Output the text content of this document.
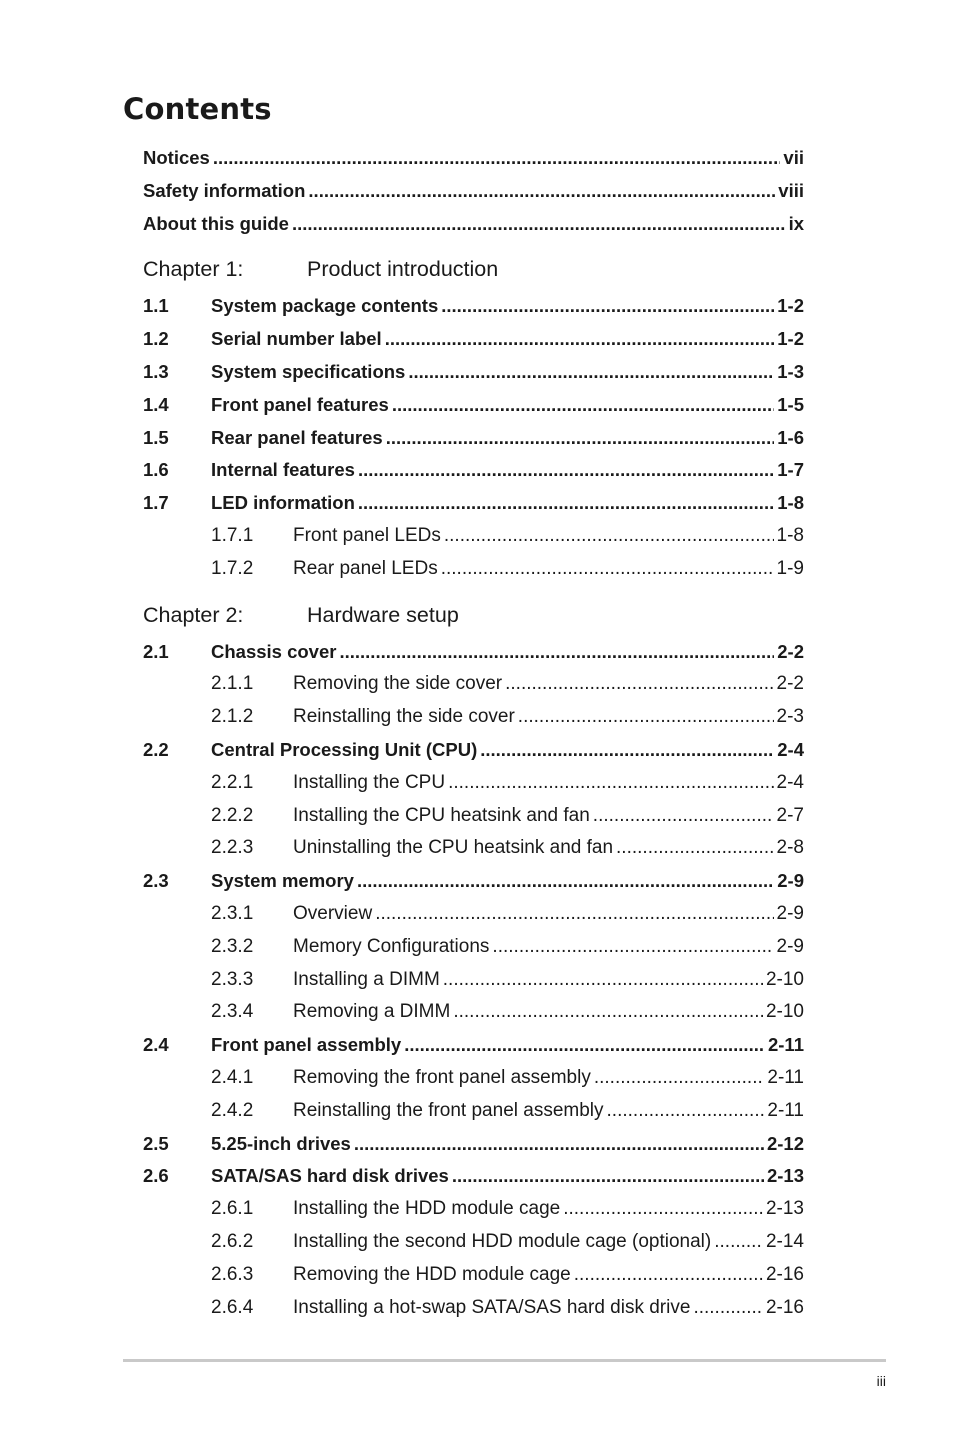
Contents
Notices .....	vii
Safety information .....	viii
About this guide .....	ix
Chapter 1:	Product introduction
1.1	System package contents .....	1-2
1.2	Serial number label .....	1-2
1.3	System specifications .....	1-3
1.4	Front panel features .....	1-5
1.5	Rear panel features .....	1-6
1.6	Internal features .....	1-7
1.7	LED information .....	1-8
1.7.1	Front panel LEDs .....	1-8
1.7.2	Rear panel LEDs .....	1-9
Chapter 2:	Hardware setup
2.1	Chassis cover .....	2-2
2.1.1	Removing the side cover .....	2-2
2.1.2	Reinstalling the side cover .....	2-3
2.2	Central Processing Unit (CPU) .....	2-4
2.2.1	Installing the CPU .....	2-4
2.2.2	Installing the CPU heatsink and fan .....	2-7
2.2.3	Uninstalling the CPU heatsink and fan .....	2-8
2.3	System memory .....	2-9
2.3.1	Overview .....	2-9
2.3.2	Memory Configurations .....	2-9
2.3.3	Installing a DIMM .....	2-10
2.3.4	Removing a DIMM .....	2-10
2.4	Front panel assembly .....	2-11
2.4.1	Removing the front panel assembly .....	2-11
2.4.2	Reinstalling the front panel assembly .....	2-11
2.5	5.25-inch drives .....	2-12
2.6	SATA/SAS hard disk drives .....	2-13
2.6.1	Installing the HDD module cage .....	2-13
2.6.2	Installing the second HDD module cage (optional) .....	2-14
2.6.3	Removing the HDD module cage .....	2-16
2.6.4	Installing a hot-swap SATA/SAS hard disk drive .....	2-16
iii
